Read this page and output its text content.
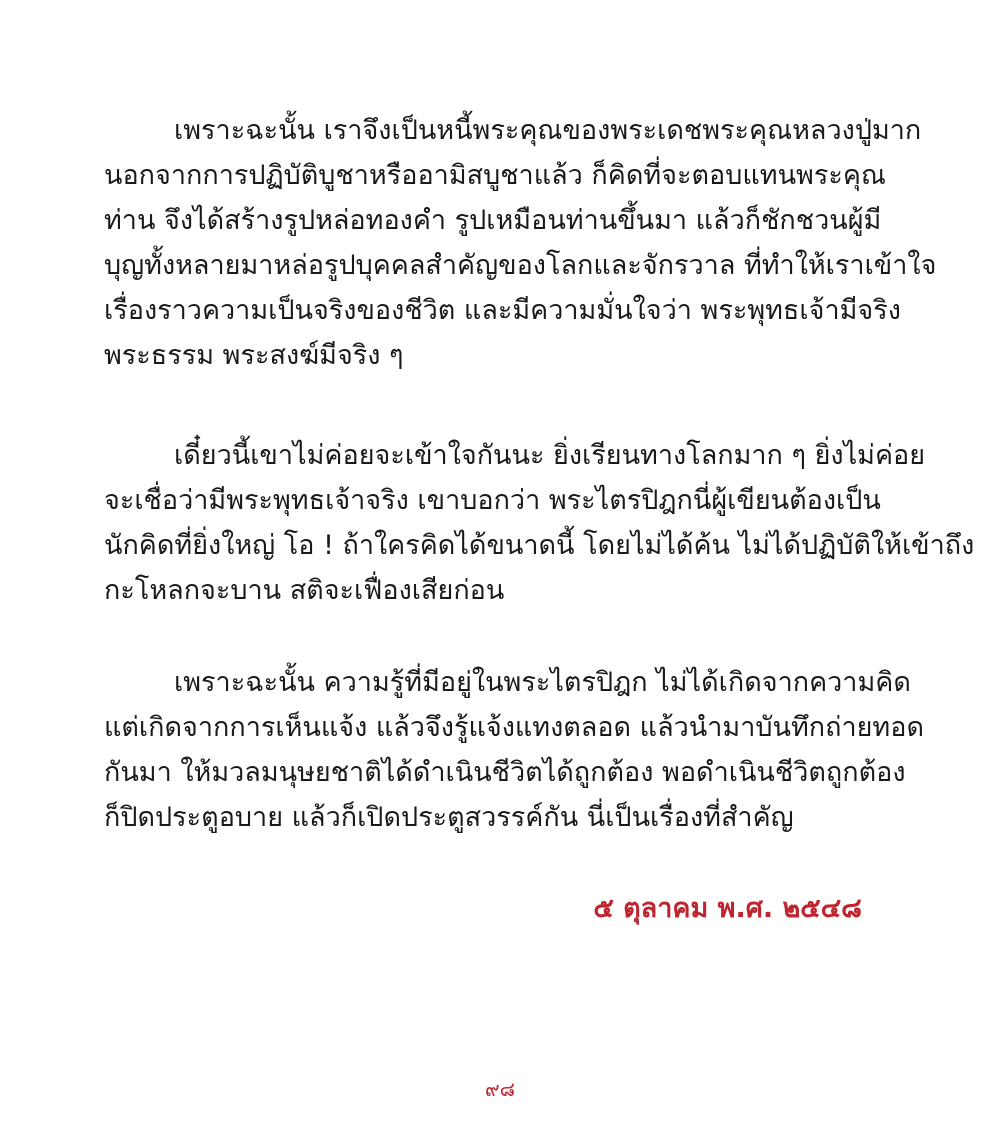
เพราะฉะนั้น เราจึงเป็นหนี้พระคุณของพระเดชพระคุณหลวงปู่มาก
นอกจากการปฏิบัติบูชาหรืออามิสบูชาแล้ว ก็คิดที่จะตอบแทนพระคุณ
ท่าน จึงได้สร้างรูปหล่อทองคำ รูปเหมือนท่านขึ้นมา แล้วก็ชักชวนผู้มี
บุญทั้งหลายมาหล่อรูปบุคคลสำคัญของโลกและจักรวาล ที่ทำให้เราเข้าใจ
เรื่องราวความเป็นจริงของชีวิต และมีความมั่นใจว่า พระพุทธเจ้ามีจริง
พระธรรม พระสงฆ์มีจริง ๆ
เดี๋ยวนี้เขาไม่ค่อยจะเข้าใจกันนะ ยิ่งเรียนทางโลกมาก ๆ ยิ่งไม่ค่อย
จะเชื่อว่ามีพระพุทธเจ้าจริง เขาบอกว่า พระไตรปิฎกนี่ผู้เขียนต้องเป็น
นักคิดที่ยิ่งใหญ่ โอ ! ถ้าใครคิดได้ขนาดนี้ โดยไม่ได้ค้น ไม่ได้ปฏิบัติให้เข้าถึง
กะโหลกจะบาน สติจะเฟื่องเสียก่อน
เพราะฉะนั้น ความรู้ที่มีอยู่ในพระไตรปิฎก ไม่ได้เกิดจากความคิด
แต่เกิดจากการเห็นแจ้ง แล้วจึงรู้แจ้งแทงตลอด แล้วนำมาบันทึกถ่ายทอด
กันมา ให้มวลมนุษยชาติได้ดำเนินชีวิตได้ถูกต้อง พอดำเนินชีวิตถูกต้อง
ก็ปิดประตูอบาย แล้วก็เปิดประตูสวรรค์กัน นี่เป็นเรื่องที่สำคัญ
๕ ตุลาคม พ.ศ. ๒๕๔๘
๙๘
